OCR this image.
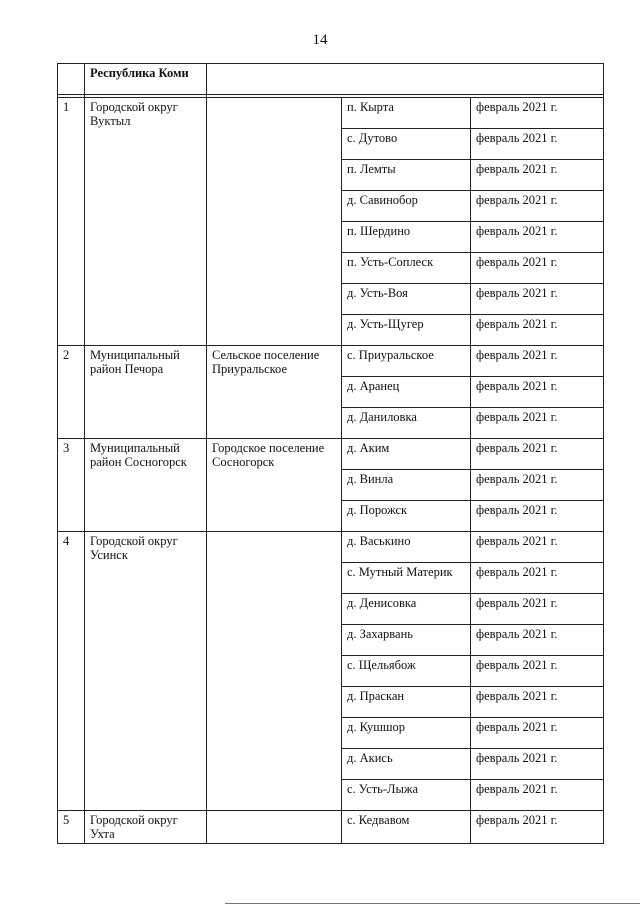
14
	Республика Коми			

1	Городской округ Вуктыл		п. Кырта	февраль 2021 г.
			с. Дутово	февраль 2021 г.
			п. Лемты	февраль 2021 г.
			д. Савинобор	февраль 2021 г.
			п. Шердино	февраль 2021 г.
			п. Усть-Соплеск	февраль 2021 г.
			д. Усть-Воя	февраль 2021 г.
			д. Усть-Щугер	февраль 2021 г.
2	Муниципальный район Печора	Сельское поселение Приуральское	с. Приуральское	февраль 2021 г.
			д. Аранец	февраль 2021 г.
			д. Даниловка	февраль 2021 г.
3	Муниципальный район Сосногорск	Городское поселение Сосногорск	д. Аким	февраль 2021 г.
			д. Винла	февраль 2021 г.
			д. Порожск	февраль 2021 г.
4	Городской округ Усинск		д. Васькино	февраль 2021 г.
			с. Мутный Материк	февраль 2021 г.
			д. Денисовка	февраль 2021 г.
			д. Захарвань	февраль 2021 г.
			с. Щельябож	февраль 2021 г.
			д. Праскан	февраль 2021 г.
			д. Кушшор	февраль 2021 г.
			д. Акись	февраль 2021 г.
			с. Усть-Лыжа	февраль 2021 г.
5	Городской округ Ухта		с. Кедвавом	февраль 2021 г.
